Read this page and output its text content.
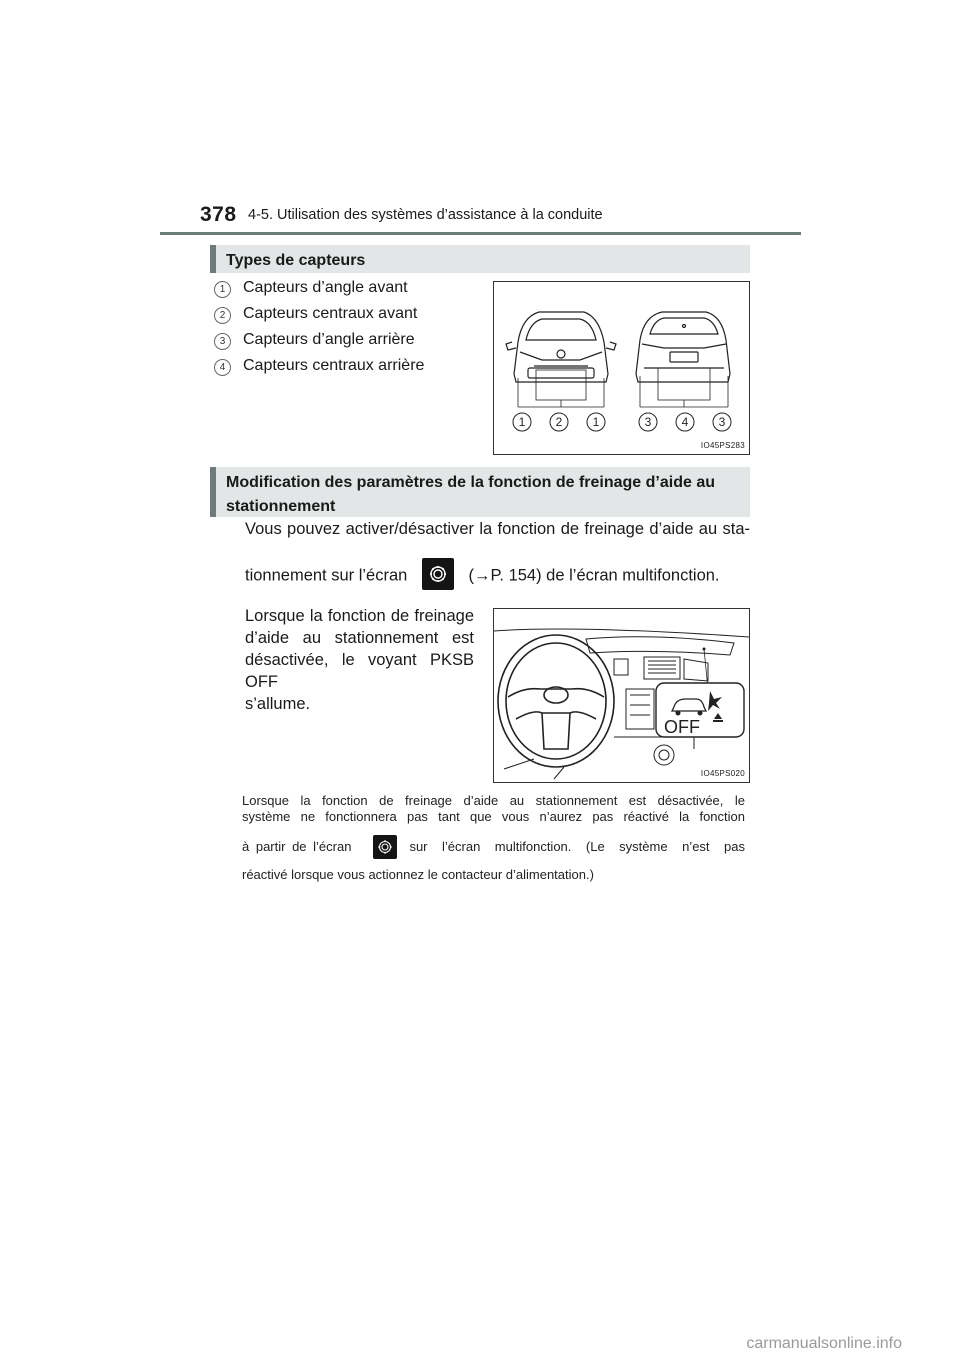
378 4-5. Utilisation des systèmes d’assistance à la conduite
Types de capteurs
1	Capteurs d’angle avant
2	Capteurs centraux avant
3	Capteurs d’angle arrière
4	Capteurs centraux arrière
1	2	1	3	4	3
IO45PS283
Modification des paramètres de la fonction de freinage d’aide au
stationnement
Vous pouvez activer/désactiver la fonction de freinage d’aide au sta-
tionnement sur l’écran	(→P. 154) de l’écran multifonction.
Lorsque la fonction de freinage
d’aide au stationnement est
désactivée, le voyant PKSB OFF
s’allume.
OFF
IO45PS020
Lorsque la fonction de freinage d’aide au stationnement est désactivée, le
système ne fonctionnera pas tant que vous n’aurez pas réactivé la fonction
à partir de l’écran	sur l’écran multifonction. (Le système n’est pas
réactivé lorsque vous actionnez le contacteur d’alimentation.)
carmanualsonline.info
